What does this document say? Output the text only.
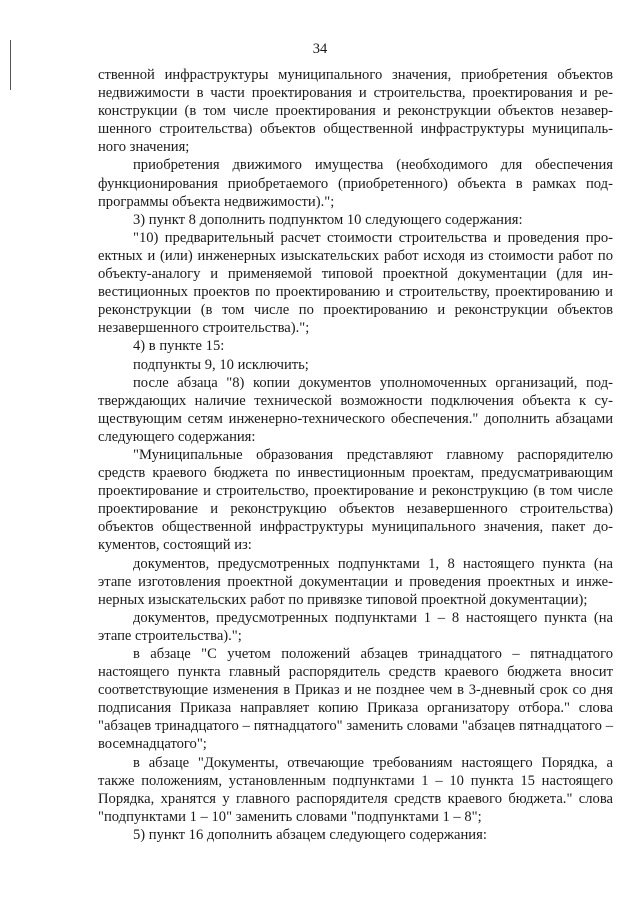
34

ственной инфраструктуры муниципального значения, приобретения объектов недвижимости в части проектирования и строительства, проектирования и реконструкции (в том числе проектирования и реконструкции объектов незавершенного строительства) объектов общественной инфраструктуры муниципального значения;

приобретения движимого имущества (необходимого для обеспечения функционирования приобретаемого (приобретенного) объекта в рамках подпрограммы объекта недвижимости).";

3) пункт 8 дополнить подпунктом 10 следующего содержания:

"10) предварительный расчет стоимости строительства и проведения проектных и (или) инженерных изыскательских работ исходя из стоимости работ по объекту-аналогу и применяемой типовой проектной документации (для инвестиционных проектов по проектированию и строительству, проектированию и реконструкции (в том числе по проектированию и реконструкции объектов незавершенного строительства).";

4) в пункте 15:

подпункты 9, 10 исключить;

после абзаца "8) копии документов уполномоченных организаций, подтверждающих наличие технической возможности подключения объекта к существующим сетям инженерно-технического обеспечения." дополнить абзацами следующего содержания:

"Муниципальные образования представляют главному распорядителю средств краевого бюджета по инвестиционным проектам, предусматривающим проектирование и строительство, проектирование и реконструкцию (в том числе проектирование и реконструкцию объектов незавершенного строительства) объектов общественной инфраструктуры муниципального значения, пакет документов, состоящий из:

документов, предусмотренных подпунктами 1, 8 настоящего пункта (на этапе изготовления проектной документации и проведения проектных и инженерных изыскательских работ по привязке типовой проектной документации);

документов, предусмотренных подпунктами 1 – 8 настоящего пункта (на этапе строительства).";

в абзаце "С учетом положений абзацев тринадцатого – пятнадцатого настоящего пункта главный распорядитель средств краевого бюджета вносит соответствующие изменения в Приказ и не позднее чем в 3-дневный срок со дня подписания Приказа направляет копию Приказа организатору отбора." слова "абзацев тринадцатого – пятнадцатого" заменить словами "абзацев пятнадцатого – восемнадцатого";

в абзаце "Документы, отвечающие требованиям настоящего Порядка, а также положениям, установленным подпунктами 1 – 10 пункта 15 настоящего Порядка, хранятся у главного распорядителя средств краевого бюджета." слова "подпунктами 1 – 10" заменить словами "подпунктами 1 – 8";

5) пункт 16 дополнить абзацем следующего содержания:
